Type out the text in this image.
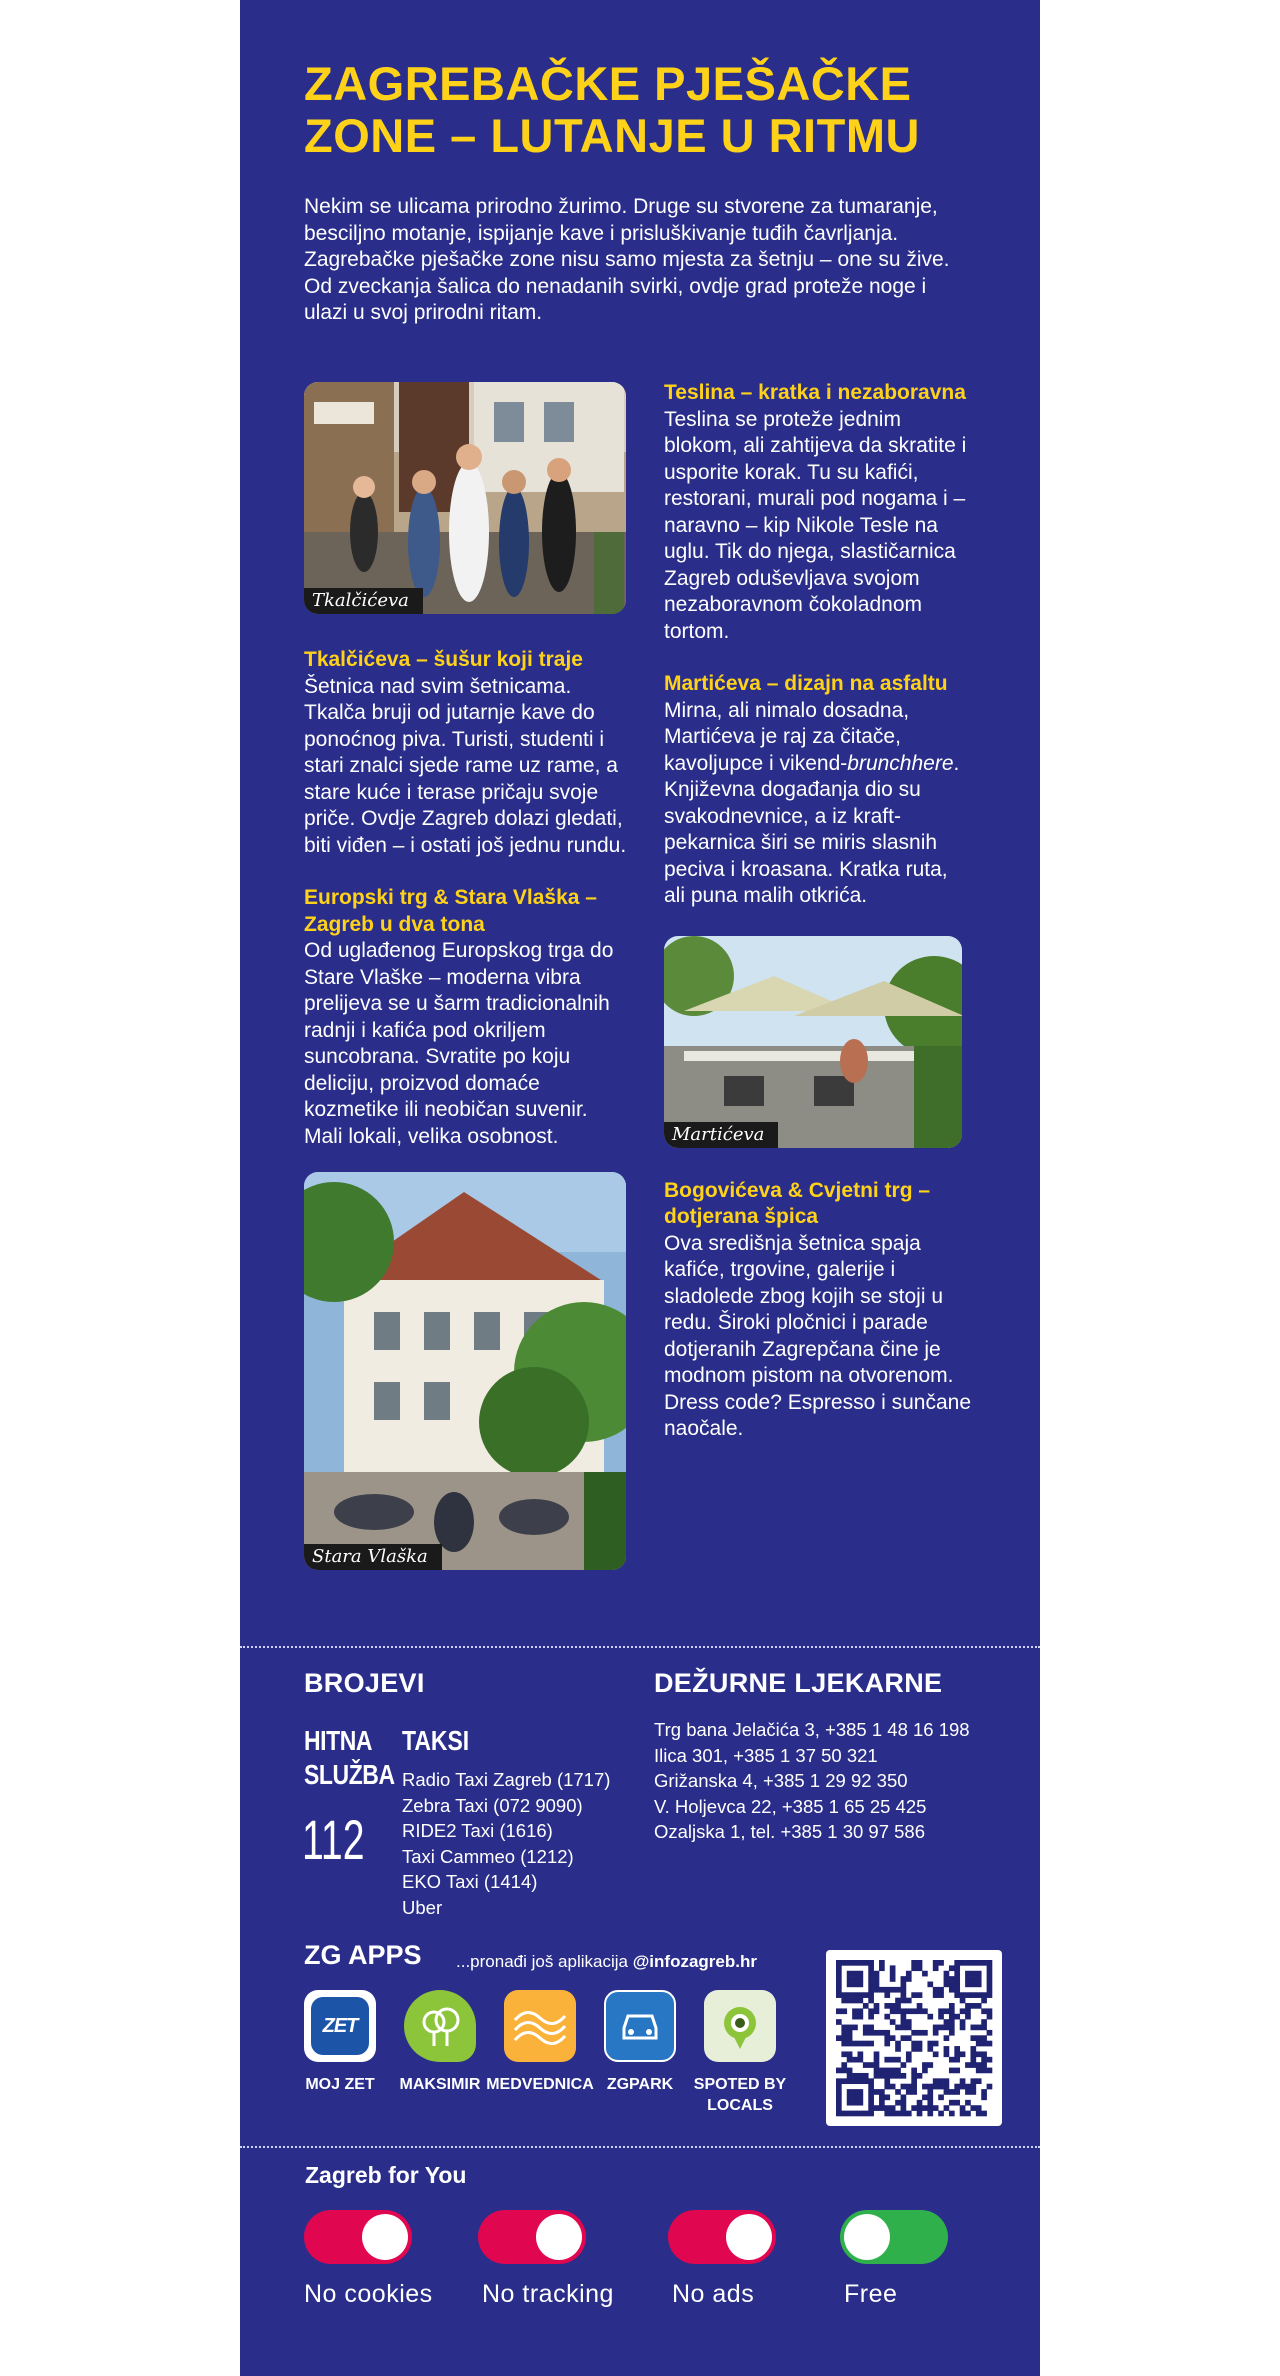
ZAGREBAČKE PJEŠAČKE ZONE – LUTANJE U RITMU

Nekim se ulicama prirodno žurimo. Druge su stvorene za tumaranje, besciljno motanje, ispijanje kave i prisluškivanje tuđih čavrljanja. Zagrebačke pješačke zone nisu samo mjesta za šetnju – one su žive. Od zveckanja šalica do nenadanih svirki, ovdje grad proteže noge i ulazi u svoj prirodni ritam.

Tkalčićeva
Tkalčićeva – šušur koji traje

Šetnica nad svim šetnicama. Tkalča bruji od jutarnje kave do ponoćnog piva. Turisti, studenti i stari znalci sjede rame uz rame, a stare kuće i terase pričaju svoje priče. Ovdje Zagreb dolazi gledati, biti viđen – i ostati još jednu rundu.

Europski trg & Stara Vlaška – Zagreb u dva tona

Od uglađenog Europskog trga do Stare Vlaške – moderna vibra prelijeva se u šarm tradicionalnih radnji i kafića pod okriljem suncobrana. Svratite po koju deliciju, proizvod domaće kozmetike ili neobičan suvenir. Mali lokali, velika osobnost.

Stara Vlaška
Teslina – kratka i nezaboravna

Teslina se proteže jednim blokom, ali zahtijeva da skratite i usporite korak. Tu su kafići, restorani, murali pod nogama i – naravno – kip Nikole Tesle na uglu. Tik do njega, slastičarnica Zagreb oduševljava svojom nezaboravnom čokoladnom tortom.

Martićeva – dizajn na asfaltu

Mirna, ali nimalo dosadna, Martićeva je raj za čitače, kavoljupce i vikend-brunchhere. Književna događanja dio su svakodnevnice, a iz kraft-pekarnica širi se miris slasnih peciva i kroasana. Kratka ruta, ali puna malih otkrića.

Martićeva
Bogovićeva & Cvjetni trg – dotjerana špica

Ova središnja šetnica spaja kafiće, trgovine, galerije i sladolede zbog kojih se stoji u redu. Široki pločnici i parade dotjeranih Zagrepčana čine je modnom pistom na otvorenom. Dress code? Espresso i sunčane naočale.

BROJEVI
HITNA SLUŽBA
112
TAKSI
Radio Taxi Zagreb (1717)
Zebra Taxi (072 9090)
RIDE2 Taxi (1616)
Taxi Cammeo (1212)
EKO Taxi (1414)
Uber
DEŽURNE LJEKARNE
Trg bana Jelačića 3, +385 1 48 16 198
Ilica 301, +385 1 37 50 321
Grižanska 4, +385 1 29 92 350
V. Holjevca 22, +385 1 65 25 425
Ozaljska 1, tel. +385 1 30 97 586
ZG APPS ...pronađi još aplikacija @infozagreb.hr
ZET
MOJ ZET	MAKSIMIR MEDVEDNICA ZGPARK	SPOTED BY LOCALS
Zagreb for You
No cookies No tracking No ads	Free
